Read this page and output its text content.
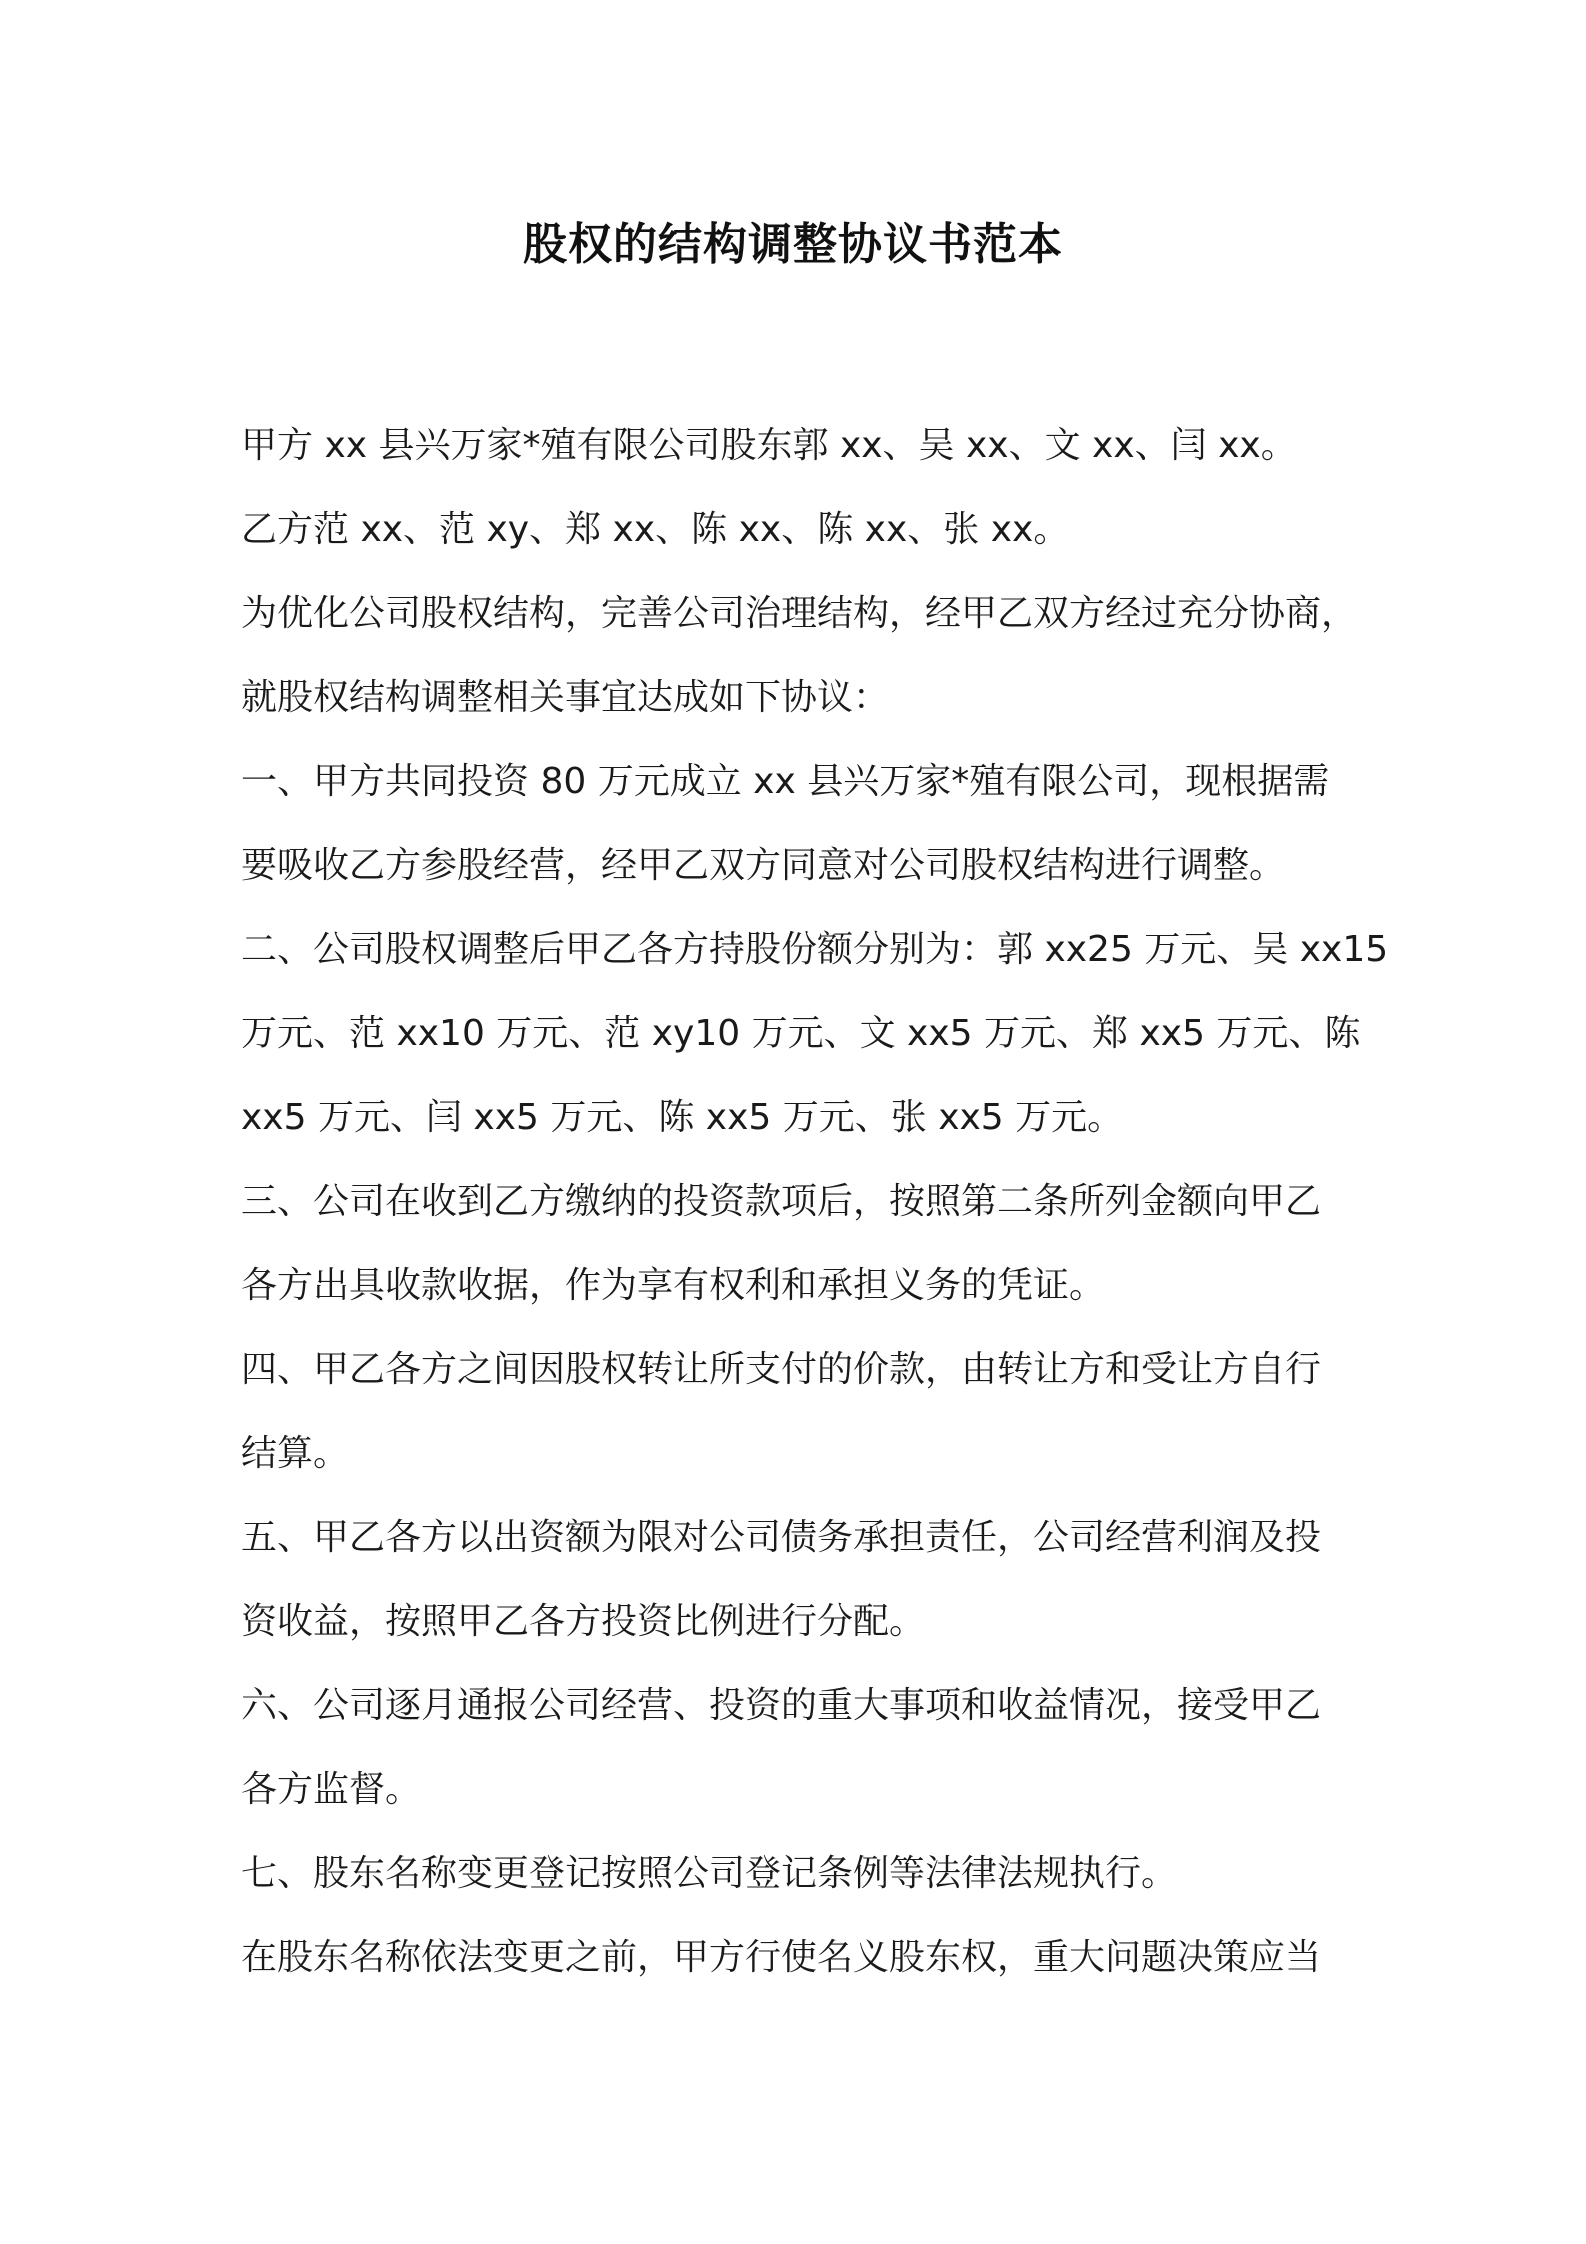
股权的结构调整协议书范本

甲方 xx 县兴万家*殖有限公司股东郭 xx、吴 xx、文 xx、闫 xx。

乙方范 xx、范 xy、郑 xx、陈 xx、陈 xx、张 xx。

为优化公司股权结构，完善公司治理结构，经甲乙双方经过充分协商，

就股权结构调整相关事宜达成如下协议：

一、甲方共同投资 80 万元成立 xx 县兴万家*殖有限公司，现根据需

要吸收乙方参股经营，经甲乙双方同意对公司股权结构进行调整。

二、公司股权调整后甲乙各方持股份额分别为：郭 xx25 万元、吴 xx15

万元、范 xx10 万元、范 xy10 万元、文 xx5 万元、郑 xx5 万元、陈

xx5 万元、闫 xx5 万元、陈 xx5 万元、张 xx5 万元。

三、公司在收到乙方缴纳的投资款项后，按照第二条所列金额向甲乙

各方出具收款收据，作为享有权利和承担义务的凭证。

四、甲乙各方之间因股权转让所支付的价款，由转让方和受让方自行

结算。

五、甲乙各方以出资额为限对公司债务承担责任，公司经营利润及投

资收益，按照甲乙各方投资比例进行分配。

六、公司逐月通报公司经营、投资的重大事项和收益情况，接受甲乙

各方监督。

七、股东名称变更登记按照公司登记条例等法律法规执行。

在股东名称依法变更之前，甲方行使名义股东权，重大问题决策应当
